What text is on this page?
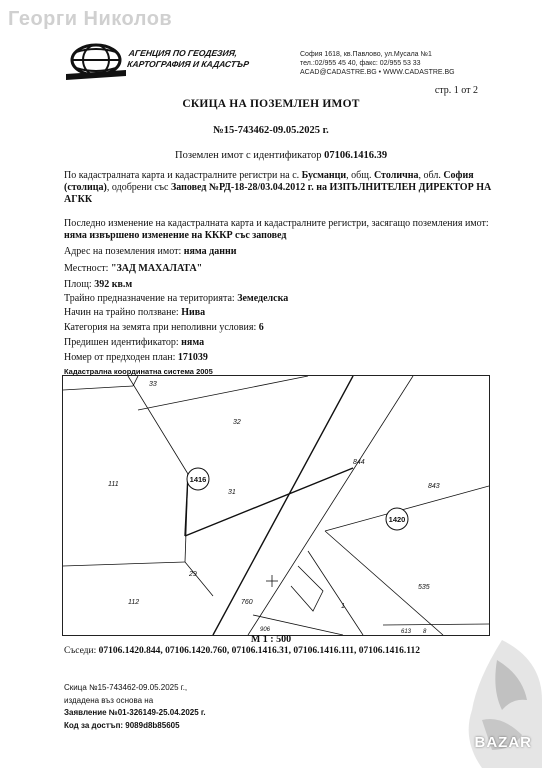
Георги Николов
АГЕНЦИЯ ПО ГЕОДЕЗИЯ,
КАРТОГРАФИЯ И КАДАСТЪР
София 1618, кв.Павлово, ул.Мусала №1
тел.:02/955 45 40, факс: 02/955 53 33
ACAD@CADASTRE.BG • WWW.CADASTRE.BG
стр. 1 от 2
СКИЦА НА ПОЗЕМЛЕН ИМОТ
№15-743462-09.05.2025 г.
Поземлен имот с идентификатор 07106.1416.39
По кадастралната карта и кадастралните регистри на с. Бусманци, общ. Столична, обл. София (столица), одобрени със Заповед №РД-18-28/03.04.2012 г. на ИЗПЪЛНИТЕЛЕН ДИРЕКТОР НА АГКК
Последно изменение на кадастралната карта и кадастралните регистри, засягащо поземления имот: няма извършено изменение на КККР със заповед
Адрес на поземления имот: няма данни
Местност: "ЗАД МАХАЛАТА"
Площ: 392 кв.м
Трайно предназначение на територията: Земеделска
Начин на трайно ползване: Нива
Категория на земята при неполивни условия: 6
Предишен идентификатор: няма
Номер от предходен план: 171039
Кадастрална координатна система 2005
33
32
111
31
844
843
29
112	760
535
1
906	613 8
1416
1420
М 1 : 500
Съседи: 07106.1420.844, 07106.1420.760, 07106.1416.31, 07106.1416.111, 07106.1416.112
Скица №15-743462-09.05.2025 г.,
издадена въз основа на
Заявление №01-326149-25.04.2025 г.
Код за достъп: 9089d8b85605
BAZAR
